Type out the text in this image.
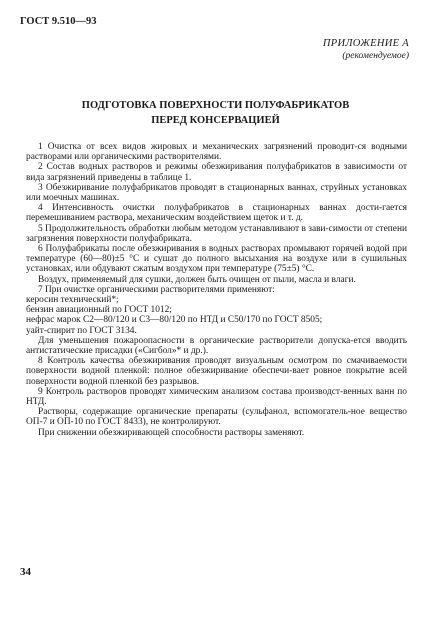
ГОСТ 9.510—93
ПРИЛОЖЕНИЕ А
(рекомендуемое)
ПОДГОТОВКА ПОВЕРХНОСТИ ПОЛУФАБРИКАТОВ
ПЕРЕД КОНСЕРВАЦИЕЙ

1 Очистка от всех видов жировых и механических загрязнений проводит-ся водными растворами или органическими растворителями.

2 Состав водных растворов и режимы обезжиривания полуфабрикатов в зависимости от вида загрязнений приведены в таблице 1.

3 Обезжиривание полуфабрикатов проводят в стационарных ваннах, струйных установках или моечных машинах.

4 Интенсивность очистки полуфабрикатов в стационарных ваннах дости-гается перемешиванием раствора, механическим воздействием щеток и т. д.

5 Продолжительность обработки любым методом устанавливают в зави-симости от степени загрязнения поверхности полуфабриката.

6 Полуфабрикаты после обезжиривания в водных растворах промывают горячей водой при температуре (60—80)±5 °С и сушат до полного высыхания на воздухе или в сушильных установках, или обдувают сжатым воздухом при температуре (75±5) °С.

Воздух, применяемый для сушки, должен быть очищен от пыли, масла и влаги.

7 При очистке органическими растворителями применяют:

керосин технический*;

бензин авиационный по ГОСТ 1012;

нефрас марок С2—80/120 и С3—80/120 по НТД и С50/170 по ГОСТ 8505;

уайт-спирит по ГОСТ 3134.

Для уменьшения пожароопасности в органические растворители допуска-ется вводить антистатические присадки («Сигбол»* и др.).

8 Контроль качества обезжиривания проводят визуальным осмотром по смачиваемости поверхности водной пленкой: полное обезжиривание обеспечи-вает ровное покрытие всей поверхности водной пленкой без разрывов.

9 Контроль растворов проводят химическим анализом состава производст-венных ванн по НТД.

Растворы, содержащие органические препараты (сульфанол, вспомогатель-ное вещество ОП-7 и ОП-10 по ГОСТ 8433), не контролируют.

При снижении обезжиривающей способности растворы заменяют.

34
